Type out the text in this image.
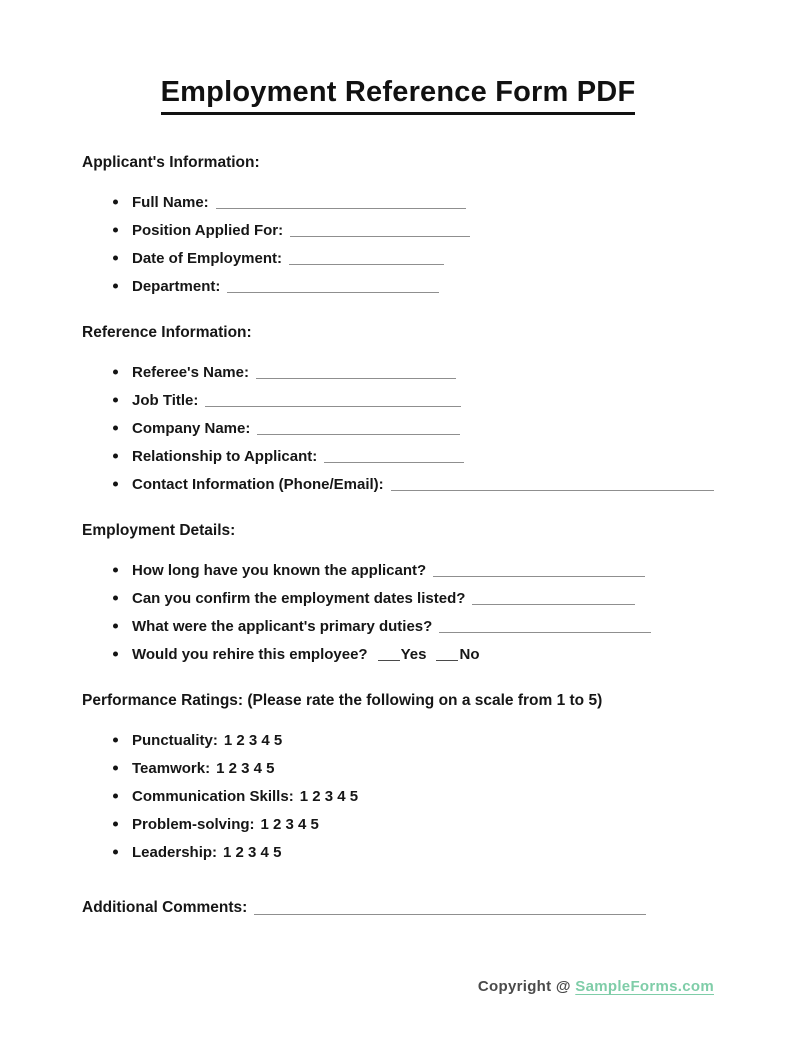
Employment Reference Form PDF
Applicant's Information:
Full Name:
Position Applied For:
Date of Employment:
Department:
Reference Information:
Referee's Name:
Job Title:
Company Name:
Relationship to Applicant:
Contact Information (Phone/Email):
Employment Details:
How long have you known the applicant?
Can you confirm the employment dates listed?
What were the applicant's primary duties?
Would you rehire this employee? Yes No
Performance Ratings: (Please rate the following on a scale from 1 to 5)
Punctuality: 1 2 3 4 5
Teamwork: 1 2 3 4 5
Communication Skills: 1 2 3 4 5
Problem-solving: 1 2 3 4 5
Leadership: 1 2 3 4 5
Additional Comments:
Copyright @ SampleForms.com
